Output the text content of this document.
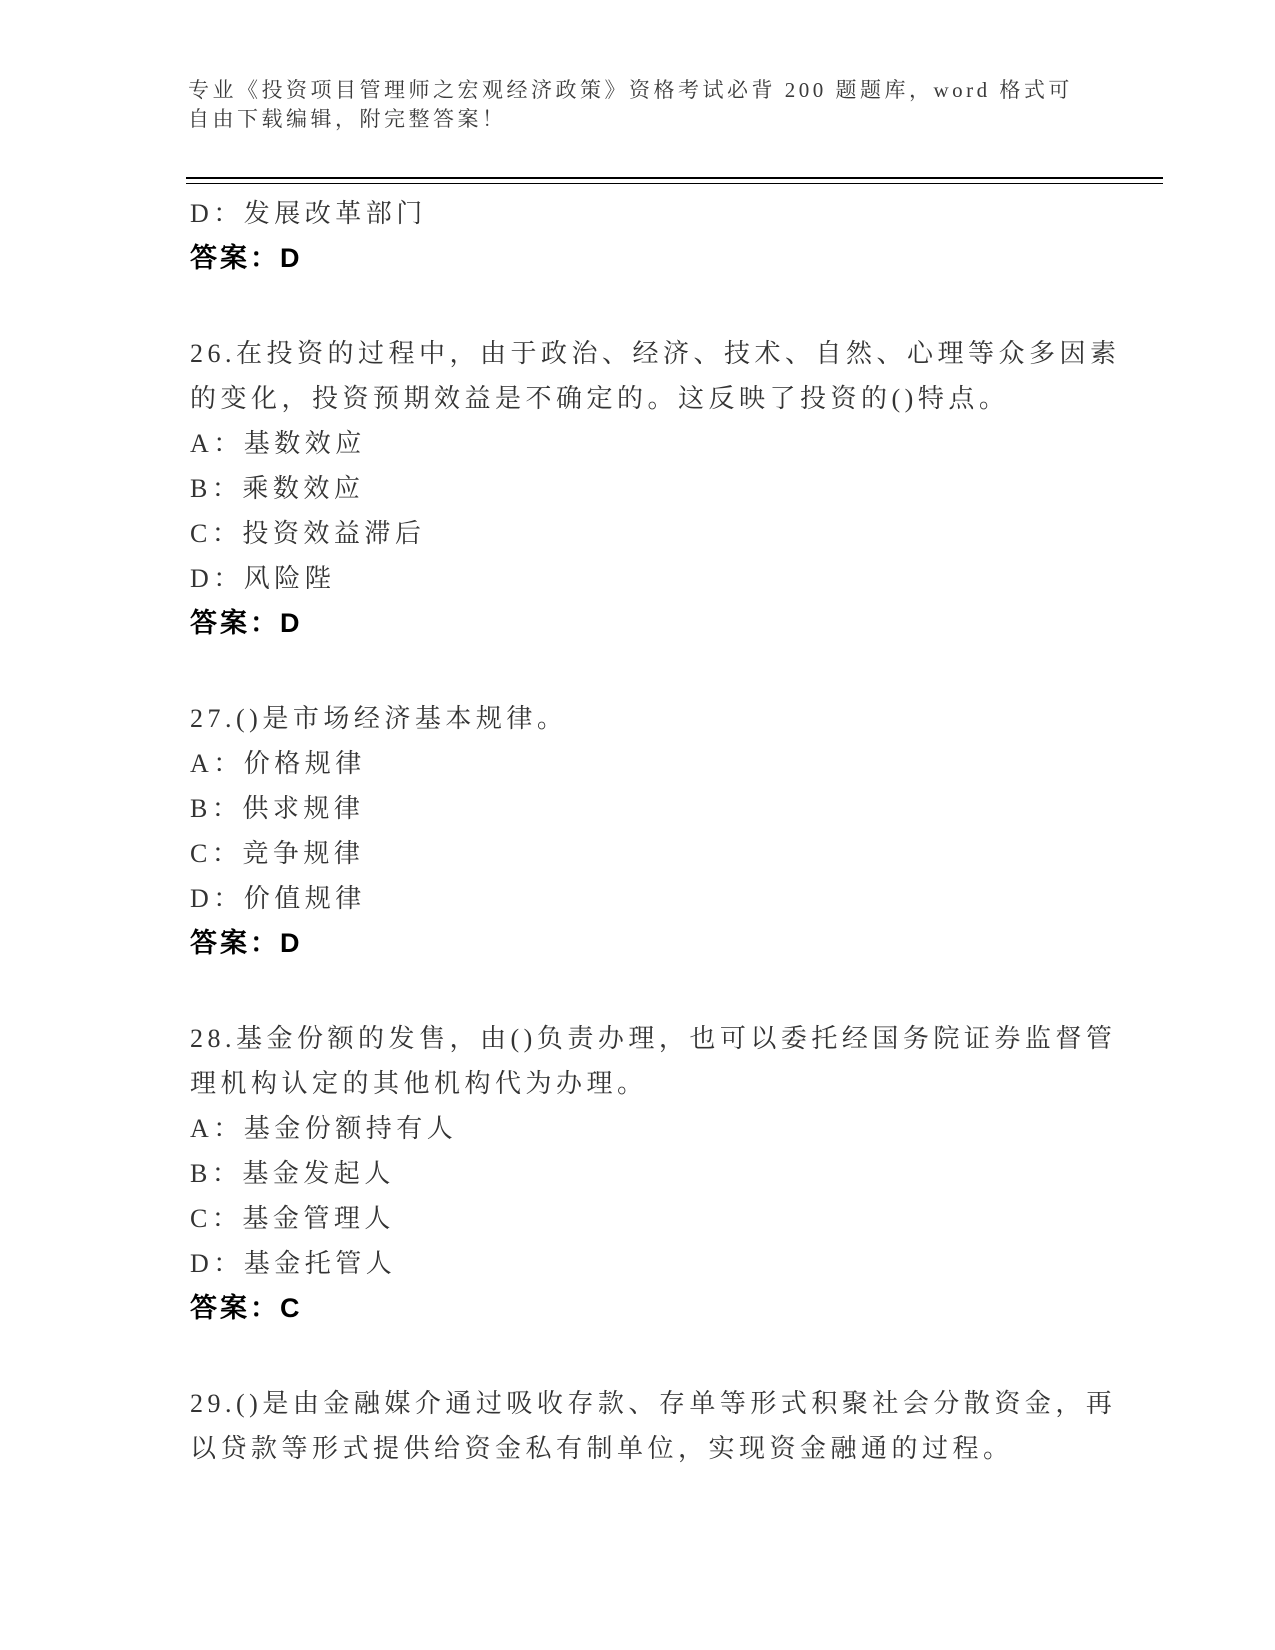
专业《投资项目管理师之宏观经济政策》资格考试必背 200 题题库，word 格式可
自由下载编辑，附完整答案！
D：发展改革部门
答案：D
26.在投资的过程中，由于政治、经济、技术、自然、心理等众多因素
的变化，投资预期效益是不确定的。这反映了投资的()特点。
A：基数效应
B：乘数效应
C：投资效益滞后
D：风险陛
答案：D
27.()是市场经济基本规律。
A：价格规律
B：供求规律
C：竞争规律
D：价值规律
答案：D
28.基金份额的发售，由()负责办理，也可以委托经国务院证券监督管
理机构认定的其他机构代为办理。
A：基金份额持有人
B：基金发起人
C：基金管理人
D：基金托管人
答案：C
29.()是由金融媒介通过吸收存款、存单等形式积聚社会分散资金，再
以贷款等形式提供给资金私有制单位，实现资金融通的过程。
